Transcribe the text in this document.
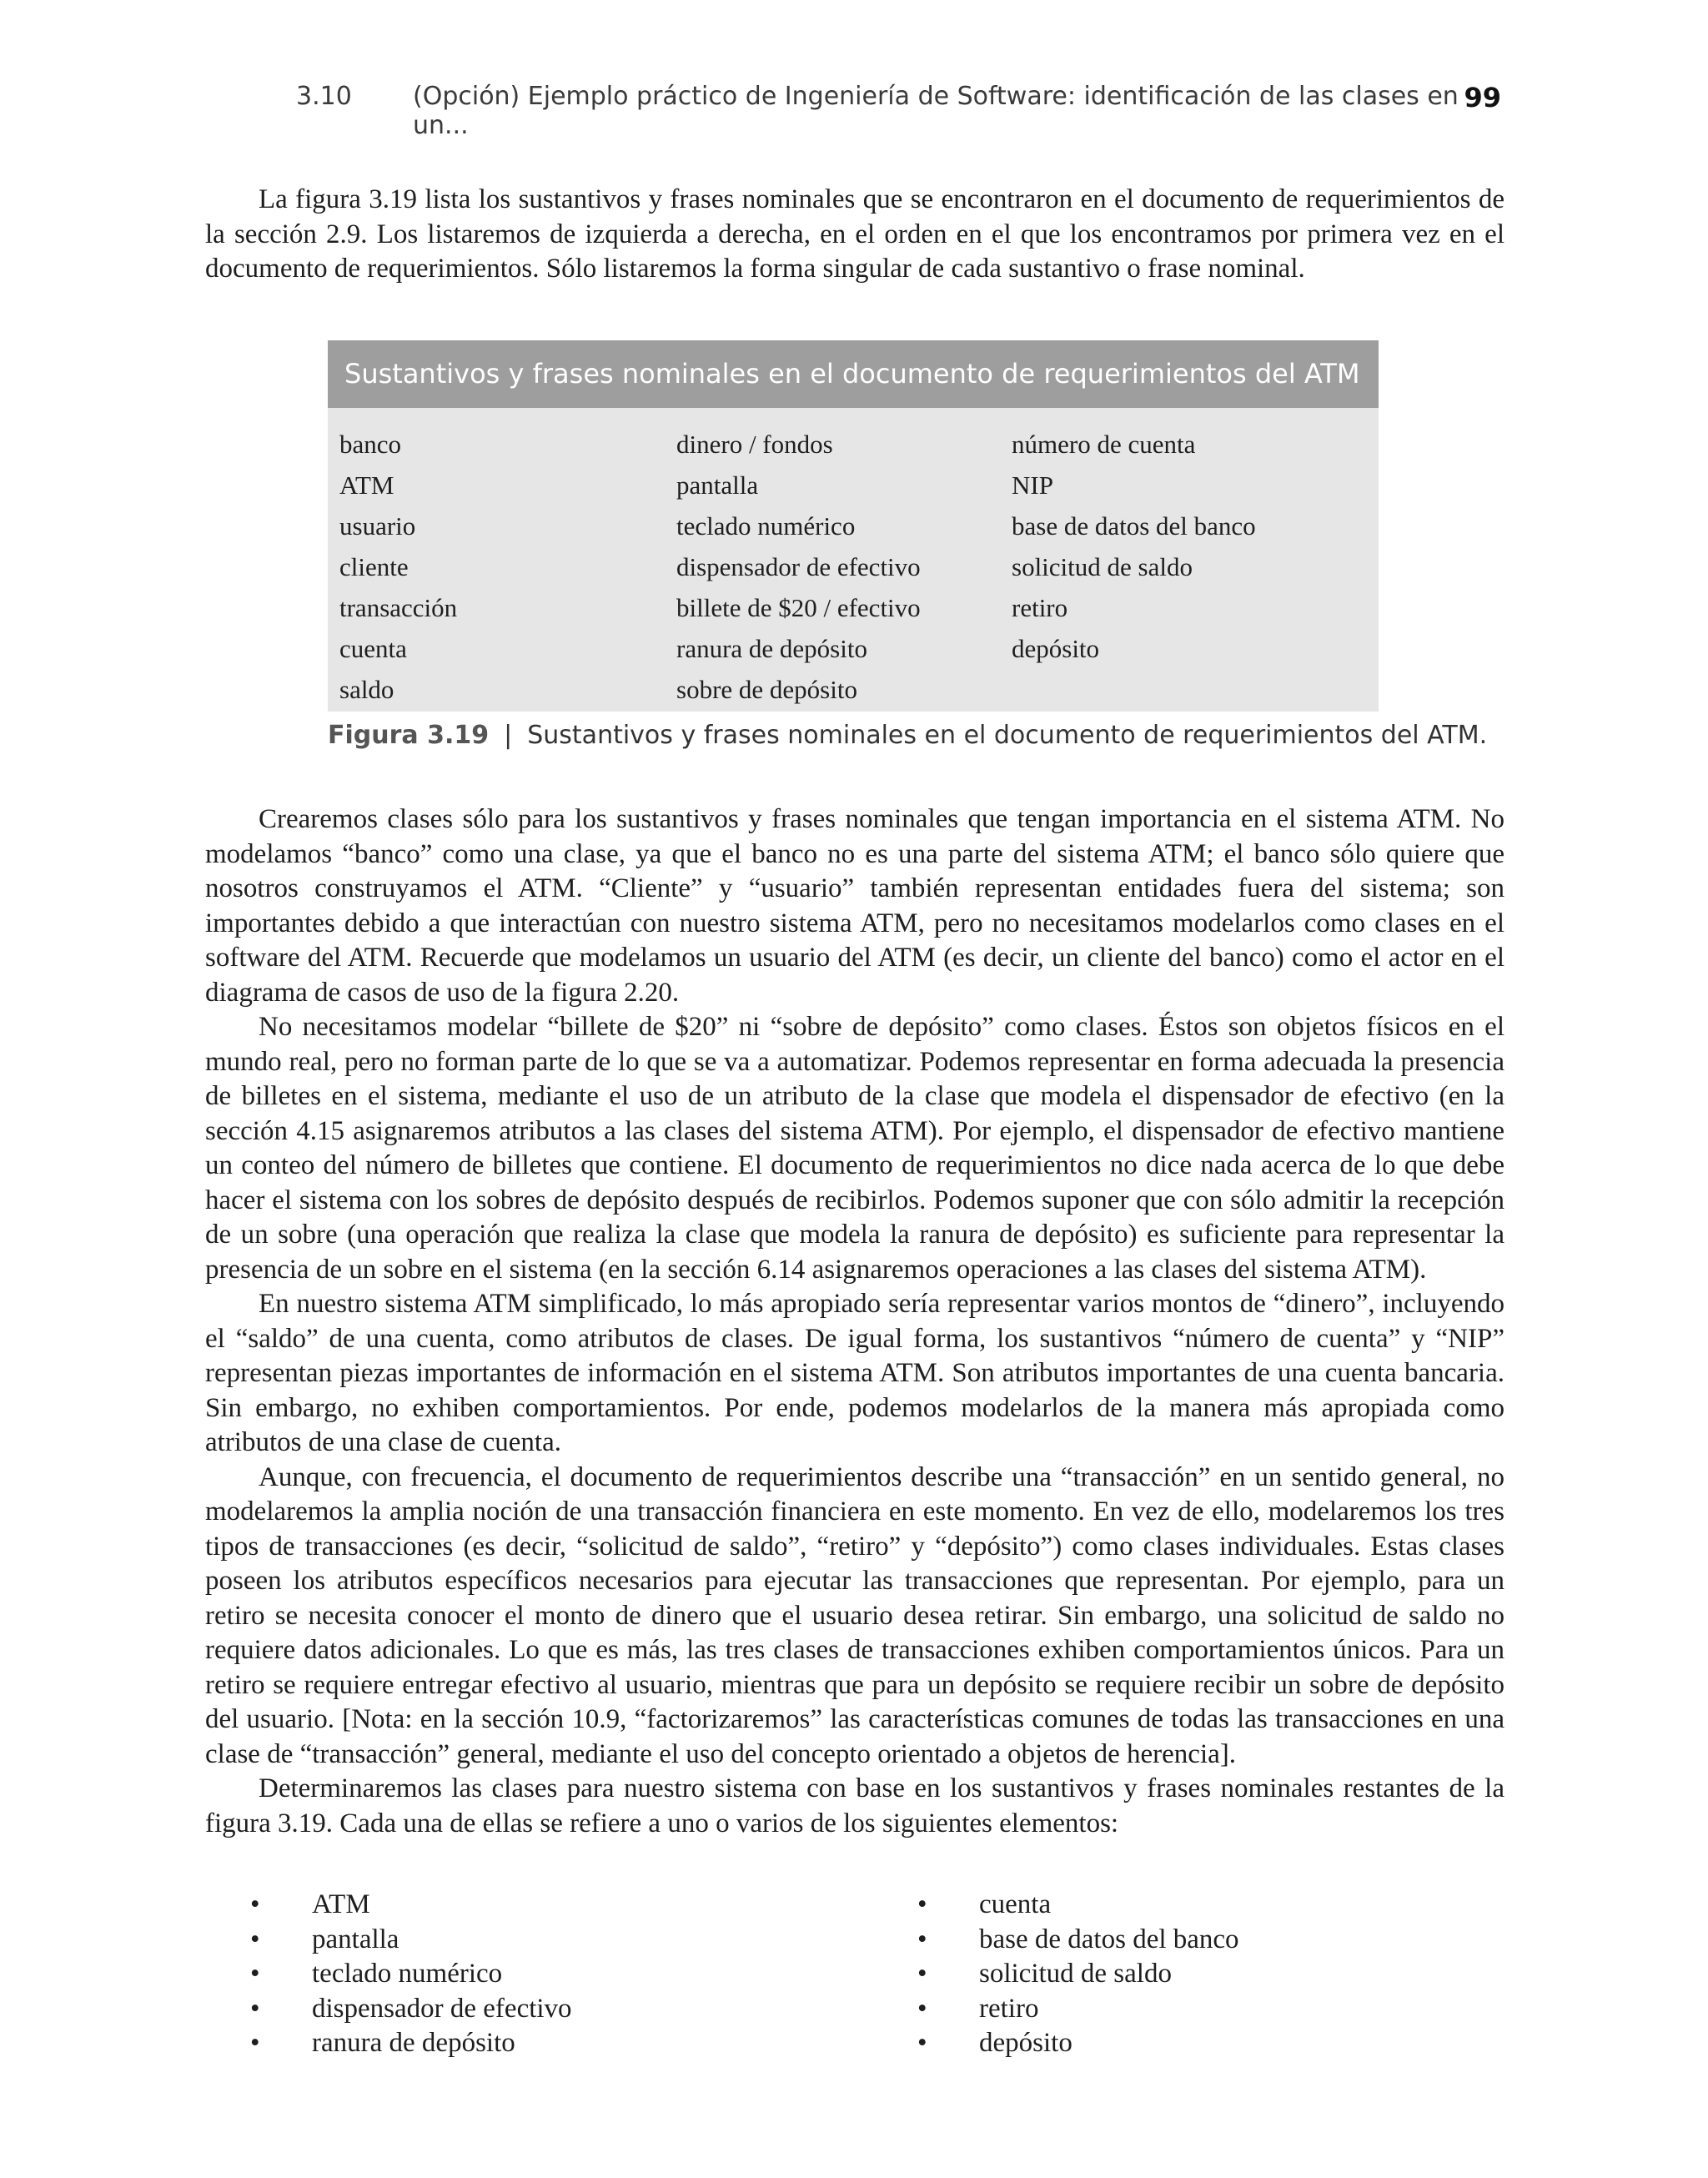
3.10 (Opción) Ejemplo práctico de Ingeniería de Software: identificación de las clases en un...
99

La figura 3.19 lista los sustantivos y frases nominales que se encontraron en el documento de requerimientos de la sección 2.9. Los listaremos de izquierda a derecha, en el orden en el que los encontramos por primera vez en el documento de requerimientos. Sólo listaremos la forma singular de cada sustantivo o frase nominal.

Sustantivos y frases nominales en el documento de requerimientos del ATM
banco
ATM
usuario
cliente
transacción
cuenta
saldo
dinero / fondos
pantalla
teclado numérico
dispensador de efectivo
billete de $20 / efectivo
ranura de depósito
sobre de depósito
número de cuenta
NIP
base de datos del banco
solicitud de saldo
retiro
depósito
Figura 3.19 | Sustantivos y frases nominales en el documento de requerimientos del ATM.

Crearemos clases sólo para los sustantivos y frases nominales que tengan importancia en el sistema ATM. No modelamos “banco” como una clase, ya que el banco no es una parte del sistema ATM; el banco sólo quiere que nosotros construyamos el ATM. “Cliente” y “usuario” también representan entidades fuera del sistema; son importantes debido a que interactúan con nuestro sistema ATM, pero no necesitamos modelarlos como clases en el software del ATM. Recuerde que modelamos un usuario del ATM (es decir, un cliente del banco) como el actor en el diagrama de casos de uso de la figura 2.20.

No necesitamos modelar “billete de $20” ni “sobre de depósito” como clases. Éstos son objetos físicos en el mundo real, pero no forman parte de lo que se va a automatizar. Podemos representar en forma adecuada la presencia de billetes en el sistema, mediante el uso de un atributo de la clase que modela el dispensador de efectivo (en la sección 4.15 asignaremos atributos a las clases del sistema ATM). Por ejemplo, el dispensador de efectivo mantiene un conteo del número de billetes que contiene. El documento de requerimientos no dice nada acerca de lo que debe hacer el sistema con los sobres de depósito después de recibirlos. Podemos suponer que con sólo admitir la recepción de un sobre (una operación que realiza la clase que modela la ranura de depósito) es suficiente para representar la presencia de un sobre en el sistema (en la sección 6.14 asignaremos operaciones a las clases del sistema ATM).

En nuestro sistema ATM simplificado, lo más apropiado sería representar varios montos de “dinero”, incluyendo el “saldo” de una cuenta, como atributos de clases. De igual forma, los sustantivos “número de cuenta” y “NIP” representan piezas importantes de información en el sistema ATM. Son atributos importantes de una cuenta bancaria. Sin embargo, no exhiben comportamientos. Por ende, podemos modelarlos de la manera más apropiada como atributos de una clase de cuenta.

Aunque, con frecuencia, el documento de requerimientos describe una “transacción” en un sentido general, no modelaremos la amplia noción de una transacción financiera en este momento. En vez de ello, modelaremos los tres tipos de transacciones (es decir, “solicitud de saldo”, “retiro” y “depósito”) como clases individuales. Estas clases poseen los atributos específicos necesarios para ejecutar las transacciones que representan. Por ejemplo, para un retiro se necesita conocer el monto de dinero que el usuario desea retirar. Sin embargo, una solicitud de saldo no requiere datos adicionales. Lo que es más, las tres clases de transacciones exhiben comportamientos únicos. Para un retiro se requiere entregar efectivo al usuario, mientras que para un depósito se requiere recibir un sobre de depósito del usuario. [Nota: en la sección 10.9, “factorizaremos” las características comunes de todas las transacciones en una clase de “transacción” general, mediante el uso del concepto orientado a objetos de herencia].

Determinaremos las clases para nuestro sistema con base en los sustantivos y frases nominales restantes de la figura 3.19. Cada una de ellas se refiere a uno o varios de los siguientes elementos:

• ATM
• pantalla
• teclado numérico
• dispensador de efectivo
• ranura de depósito
• cuenta
• base de datos del banco
• solicitud de saldo
• retiro
• depósito
